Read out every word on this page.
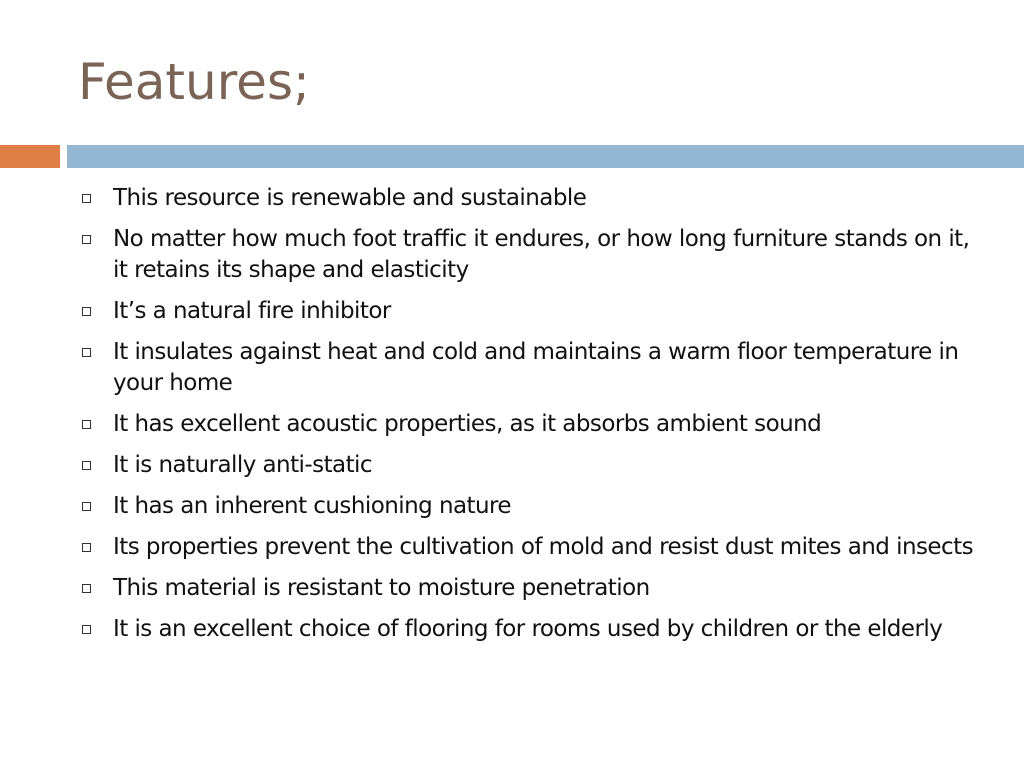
Features;
This resource is renewable and sustainable
No matter how much foot traffic it endures, or how long furniture stands on it, it retains its shape and elasticity
It’s a natural fire inhibitor
It insulates against heat and cold and maintains a warm floor temperature in your home
It has excellent acoustic properties, as it absorbs ambient sound
It is naturally anti-static
It has an inherent cushioning nature
Its properties prevent the cultivation of mold and resist dust mites and insects
This material is resistant to moisture penetration
It is an excellent choice of flooring for rooms used by children or the elderly
